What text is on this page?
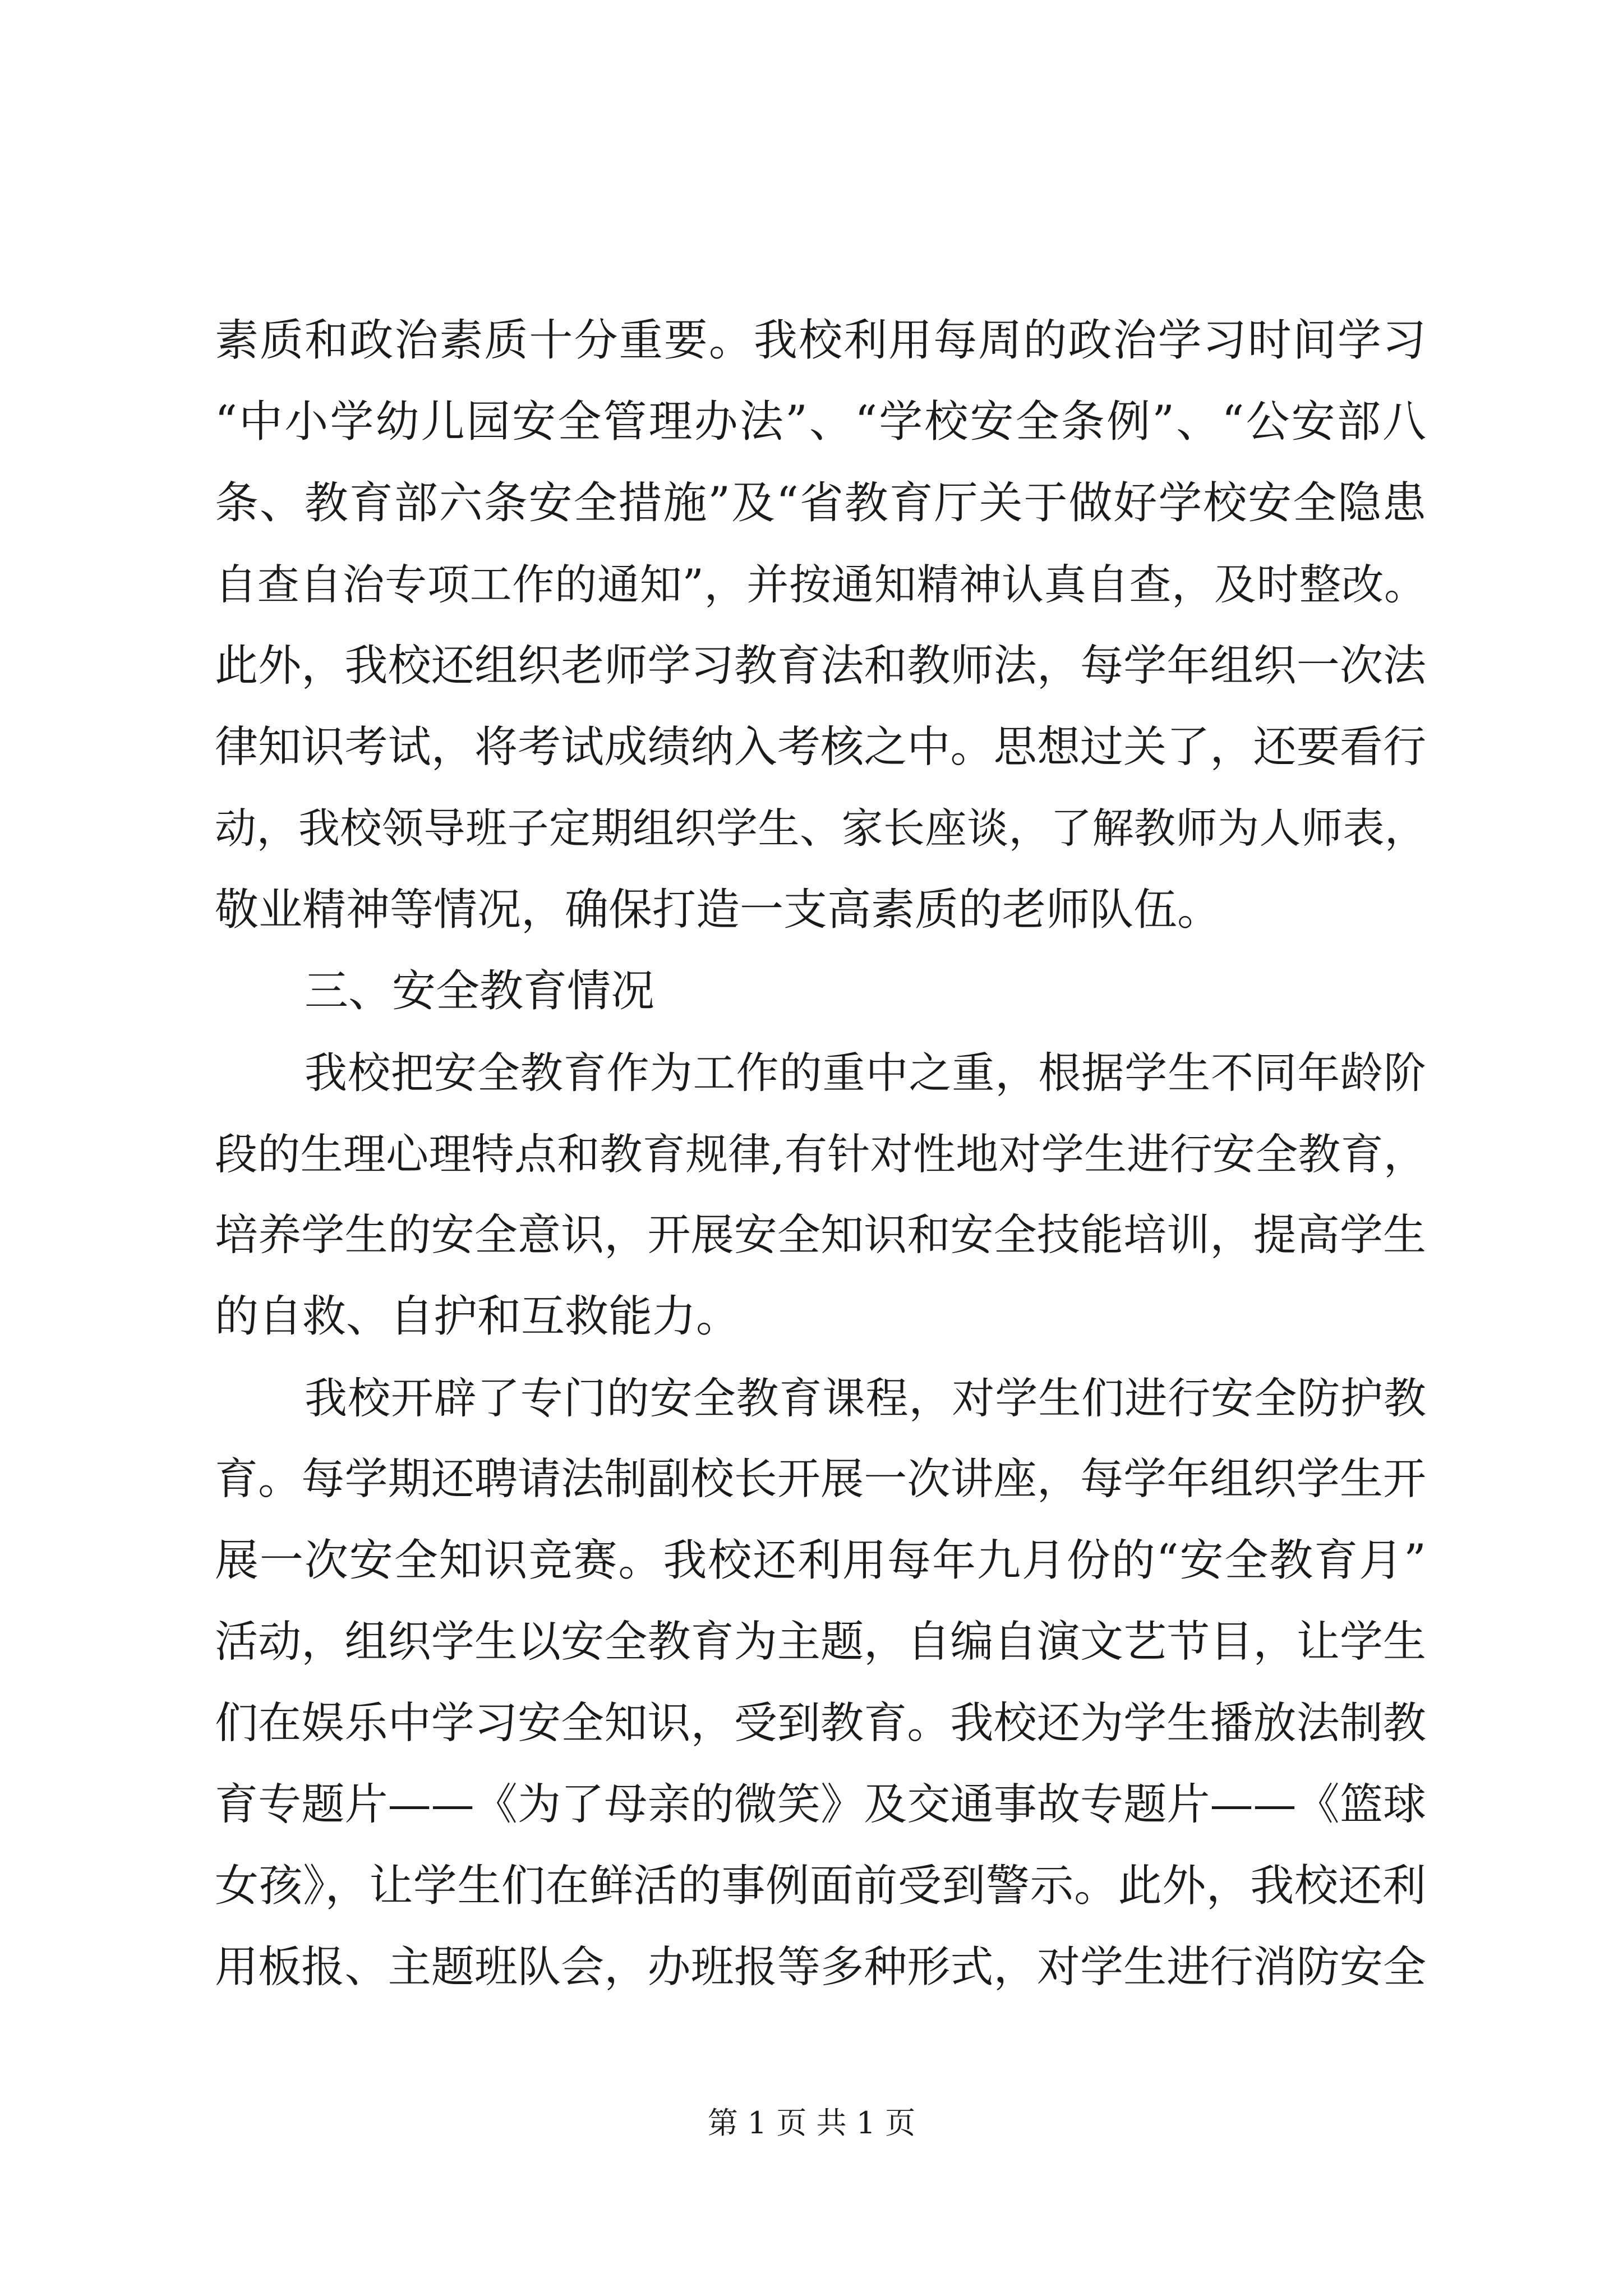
素质和政治素质十分重要。我校利用每周的政治学习时间学习
“中小学幼儿园安全管理办法”、“学校安全条例”、“公安部八
条、教育部六条安全措施”及“省教育厅关于做好学校安全隐患
自查自治专项工作的通知”，并按通知精神认真自查，及时整改。
此外，我校还组织老师学习教育法和教师法，每学年组织一次法
律知识考试，将考试成绩纳入考核之中。思想过关了，还要看行
动，我校领导班子定期组织学生、家长座谈，了解教师为人师表，
敬业精神等情况，确保打造一支高素质的老师队伍。
三、安全教育情况
我校把安全教育作为工作的重中之重，根据学生不同年龄阶
段的生理心理特点和教育规律,有针对性地对学生进行安全教育，
培养学生的安全意识，开展安全知识和安全技能培训，提高学生
的自救、自护和互救能力。
我校开辟了专门的安全教育课程，对学生们进行安全防护教
育。每学期还聘请法制副校长开展一次讲座，每学年组织学生开
展一次安全知识竞赛。我校还利用每年九月份的“安全教育月”
活动，组织学生以安全教育为主题，自编自演文艺节目，让学生
们在娱乐中学习安全知识，受到教育。我校还为学生播放法制教
育专题片——《为了母亲的微笑》及交通事故专题片——《篮球
女孩》，让学生们在鲜活的事例面前受到警示。此外，我校还利
用板报、主题班队会，办班报等多种形式，对学生进行消防安全
第 1 页 共 1 页
